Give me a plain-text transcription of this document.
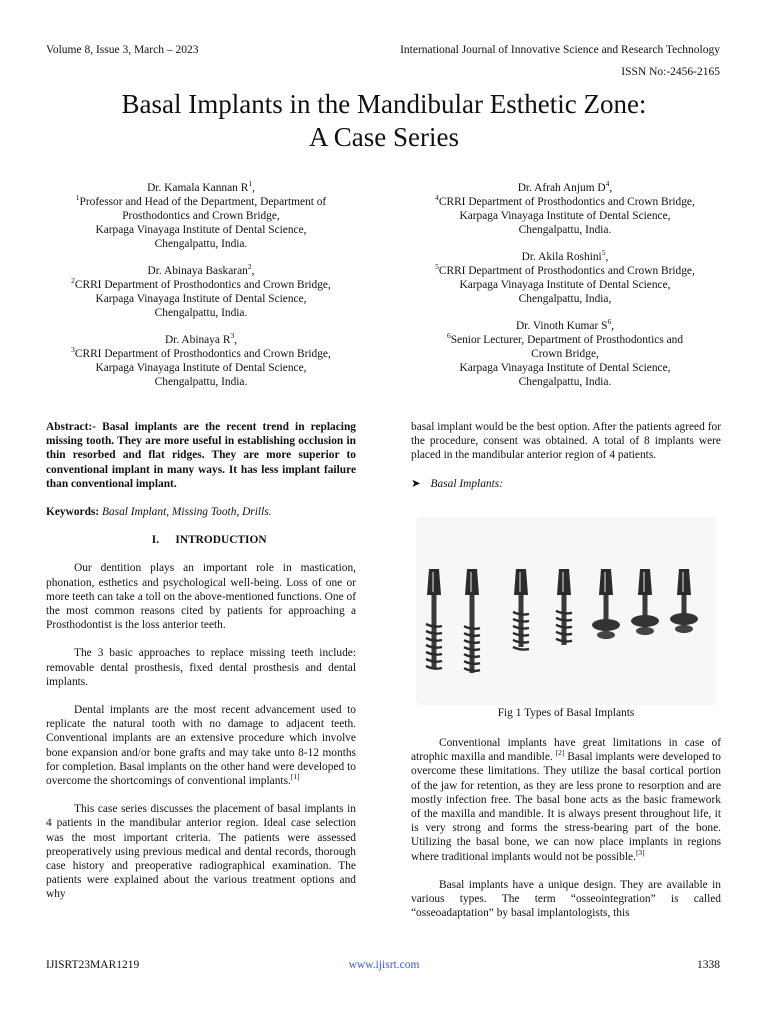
Volume 8, Issue 3, March – 2023	International Journal of Innovative Science and Research Technology
ISSN No:-2456-2165
Basal Implants in the Mandibular Esthetic Zone:
A Case Series

Dr. Kamala Kannan $R^1$,

$^1$Professor and Head of the Department, Department of

Prosthodontics and Crown Bridge,

Karpaga Vinayaga Institute of Dental Science,

Chengalpattu, India.

Dr. Abinaya Baskaran$^2$,

$^2$CRRI Department of Prosthodontics and Crown Bridge,

Karpaga Vinayaga Institute of Dental Science,

Chengalpattu, India.

Dr. Abinaya $R^3$,

$^3$CRRI Department of Prosthodontics and Crown Bridge,

Karpaga Vinayaga Institute of Dental Science,

Chengalpattu, India.

Dr. Afrah Anjum $D^4$,

$^4$CRRI Department of Prosthodontics and Crown Bridge,

Karpaga Vinayaga Institute of Dental Science,

Chengalpattu, India.

Dr. Akila Roshini$^5$,

$^5$CRRI Department of Prosthodontics and Crown Bridge,

Karpaga Vinayaga Institute of Dental Science,

Chengalpattu, India,

Dr. Vinoth Kumar $S^6$,

$^6$Senior Lecturer, Department of Prosthodontics and

Crown Bridge,

Karpaga Vinayaga Institute of Dental Science,

Chengalpattu, India.

Abstract:- Basal implants are the recent trend in replacing missing tooth. They are more useful in establishing occlusion in thin resorbed and flat ridges. They are more superior to conventional implant in many ways. It has less implant failure than conventional implant.

Keywords: Basal Implant, Missing Tooth, Drills.

I. INTRODUCTION

Our dentition plays an important role in mastication, phonation, esthetics and psychological well-being. Loss of one or more teeth can take a toll on the above-mentioned functions. One of the most common reasons cited by patients for approaching a Prosthodontist is the loss anterior teeth.

The 3 basic approaches to replace missing teeth include: removable dental prosthesis, fixed dental prosthesis and dental implants.

Dental implants are the most recent advancement used to replicate the natural tooth with no damage to adjacent teeth. Conventional implants are an extensive procedure which involve bone expansion and/or bone grafts and may take unto 8-12 months for completion. Basal implants on the other hand were developed to overcome the shortcomings of conventional implants.[1]

This case series discusses the placement of basal implants in 4 patients in the mandibular anterior region. Ideal case selection was the most important criteria. The patients were assessed preoperatively using previous medical and dental records, thorough case history and preoperative radiographical examination. The patients were explained about the various treatment options and why

basal implant would be the best option. After the patients agreed for the procedure, consent was obtained. A total of 8 implants were placed in the mandibular anterior region of 4 patients.

➤ Basal Implants:

Fig 1 Types of Basal Implants

Conventional implants have great limitations in case of atrophic maxilla and mandible. [2] Basal implants were developed to overcome these limitations. They utilize the basal cortical portion of the jaw for retention, as they are less prone to resorption and are mostly infection free. The basal bone acts as the basic framework of the maxilla and mandible. It is always present throughout life, it is very strong and forms the stress-bearing part of the bone. Utilizing the basal bone, we can now place implants in regions where traditional implants would not be possible.[3]

Basal implants have a unique design. They are available in various types. The term “osseointegration” is called “osseoadaptation” by basal implantologists, this

IJISRT23MAR1219	www.ijisrt.com	1338
